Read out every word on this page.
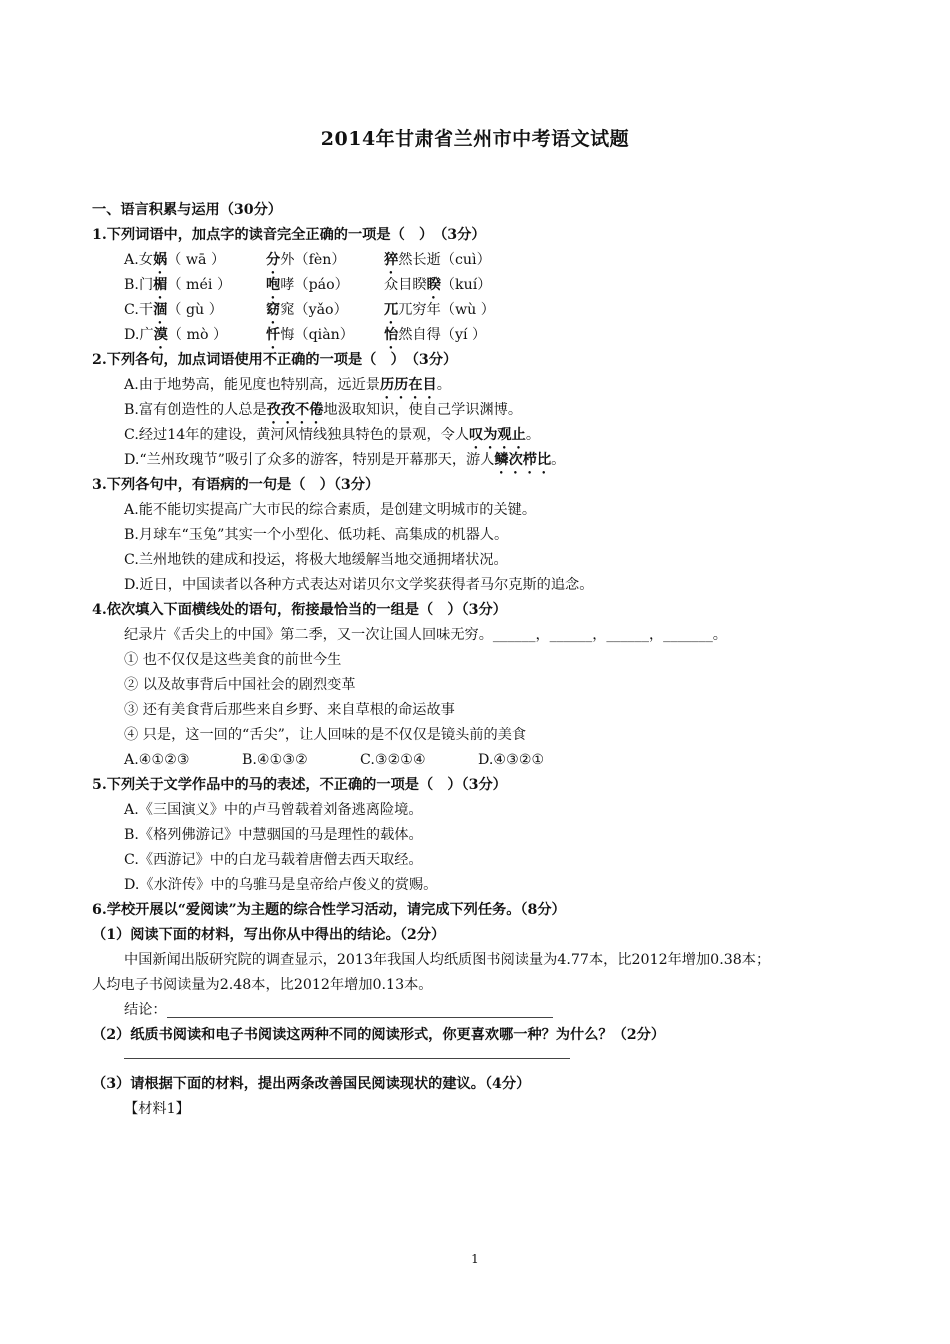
2014年甘肃省兰州市中考语文试题
一、语言积累与运用（30分）
1.下列词语中，加点字的读音完全正确的一项是（　）　（3分）
A.女娲（ wā ）	分外（fèn）	猝然长逝（cuì）
B.门楣（ méi ） 咆哮（páo） 众目睽睽（kuí）
C.干涸（ gù ）	窈窕（yǎo）	兀兀穷年（wù ）
D.广漠（ mò ）	忏悔（qiàn） 怡然自得（yí ）
2.下列各句，加点词语使用不正确的一项是（　）　（3分）
A.由于地势高，能见度也特别高，远近景历历在目。
B.富有创造性的人总是孜孜不倦地汲取知识，使自己学识渊博。
C.经过14年的建设，黄河风情线独具特色的景观，令人叹为观止。
D.“兰州玫瑰节”吸引了众多的游客，特别是开幕那天，游人鳞次栉比。
3.下列各句中，有语病的一句是（　）（3分）
A.能不能切实提高广大市民的综合素质，是创建文明城市的关键。
B.月球车“玉兔”其实一个小型化、低功耗、高集成的机器人。
C.兰州地铁的建成和投运，将极大地缓解当地交通拥堵状况。
D.近日，中国读者以各种方式表达对诺贝尔文学奖获得者马尔克斯的追念。
4.依次填入下面横线处的语句，衔接最恰当的一组是（　）（3分）
纪录片《舌尖上的中国》第二季，又一次让国人回味无穷。______，______，______，_______。
① 也不仅仅是这些美食的前世今生
② 以及故事背后中国社会的剧烈变革
③ 还有美食背后那些来自乡野、来自草根的命运故事
④ 只是，这一回的“舌尖”，让人回味的是不仅仅是镜头前的美食
A.④①②③	B.④①③②	C.③②①④	D.④③②①
5.下列关于文学作品中的马的表述，不正确的一项是（　）（3分）
A.《三国演义》中的卢马曾载着刘备逃离险境。
B.《格列佛游记》中慧骃国的马是理性的载体。
C.《西游记》中的白龙马载着唐僧去西天取经。
D.《水浒传》中的乌骓马是皇帝给卢俊义的赏赐。
6.学校开展以“爱阅读”为主题的综合性学习活动，请完成下列任务。（8分）
（1）阅读下面的材料，写出你从中得出的结论。（2分）
中国新闻出版研究院的调查显示，2013年我国人均纸质图书阅读量为4.77本，比2012年增加0.38本；
人均电子书阅读量为2.48本，比2012年增加0.13本。
结论：
（2）纸质书阅读和电子书阅读这两种不同的阅读形式，你更喜欢哪一种？为什么？（2分）
（3）请根据下面的材料，提出两条改善国民阅读现状的建议。（4分）
【材料1】
1
